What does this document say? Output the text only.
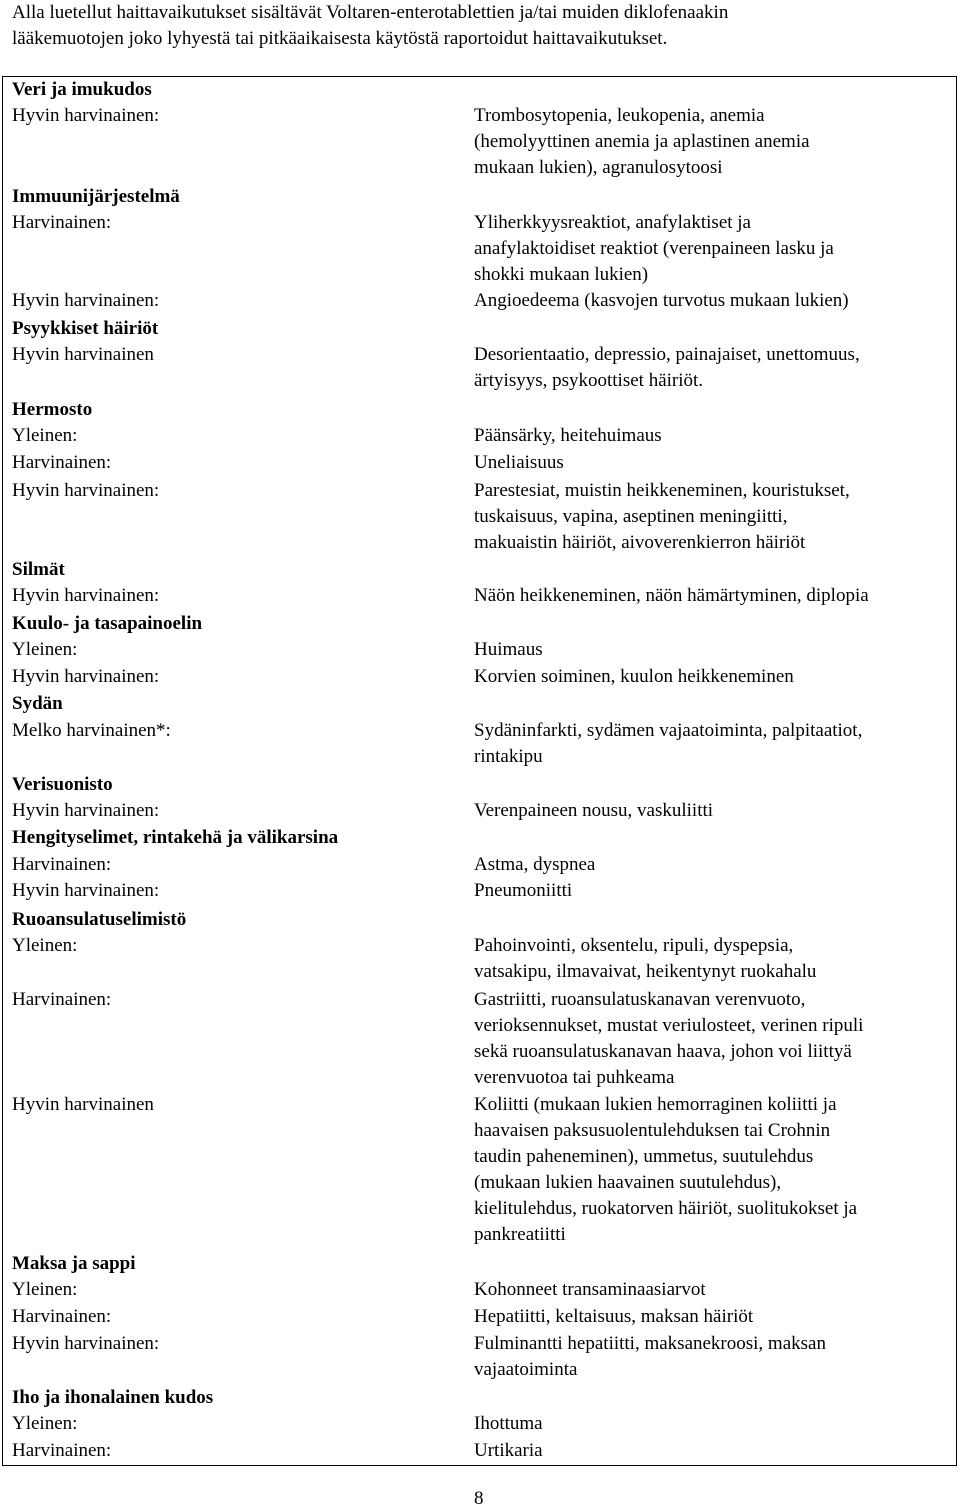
Alla luetellut haittavaikutukset sisältävät Voltaren-enterotablettien ja/tai muiden diklofenaakin
lääkemuotojen joko lyhyestä tai pitkäaikaisesta käytöstä raportoidut haittavaikutukset.
Veri ja imukudos
Hyvin harvinainen:	Trombosytopenia, leukopenia, anemia
(hemolyyttinen anemia ja aplastinen anemia
mukaan lukien), agranulosytoosi
Immuunijärjestelmä
Harvinainen:	Yliherkkyysreaktiot, anafylaktiset ja
anafylaktoidiset reaktiot (verenpaineen lasku ja
shokki mukaan lukien)
Hyvin harvinainen:	Angioedeema (kasvojen turvotus mukaan lukien)
Psyykkiset häiriöt
Hyvin harvinainen	Desorientaatio, depressio, painajaiset, unettomuus,
ärtyisyys, psykoottiset häiriöt.
Hermosto
Yleinen:	Päänsärky, heitehuimaus
Harvinainen:	Uneliaisuus
Hyvin harvinainen:	Parestesiat, muistin heikkeneminen, kouristukset,
tuskaisuus, vapina, aseptinen meningiitti,
makuaistin häiriöt, aivoverenkierron häiriöt
Silmät
Hyvin harvinainen:	Näön heikkeneminen, näön hämärtyminen, diplopia
Kuulo- ja tasapainoelin
Yleinen:	Huimaus
Hyvin harvinainen:	Korvien soiminen, kuulon heikkeneminen
Sydän
Melko harvinainen*:	Sydäninfarkti, sydämen vajaatoiminta, palpitaatiot,
rintakipu
Verisuonisto
Hyvin harvinainen:	Verenpaineen nousu, vaskuliitti
Hengityselimet, rintakehä ja välikarsina
Harvinainen:	Astma, dyspnea
Hyvin harvinainen:	Pneumoniitti
Ruoansulatuselimistö
Yleinen:	Pahoinvointi, oksentelu, ripuli, dyspepsia,
vatsakipu, ilmavaivat, heikentynyt ruokahalu
Harvinainen:	Gastriitti, ruoansulatuskanavan verenvuoto,
verioksennukset, mustat veriulosteet, verinen ripuli
sekä ruoansulatuskanavan haava, johon voi liittyä
verenvuotoa tai puhkeama
Hyvin harvinainen	Koliitti (mukaan lukien hemorraginen koliitti ja
haavaisen paksusuolentulehduksen tai Crohnin
taudin paheneminen), ummetus, suutulehdus
(mukaan lukien haavainen suutulehdus),
kielitulehdus, ruokatorven häiriöt, suolitukokset ja
pankreatiitti
Maksa ja sappi
Yleinen:	Kohonneet transaminaasiarvot
Harvinainen:	Hepatiitti, keltaisuus, maksan häiriöt
Hyvin harvinainen:	Fulminantti hepatiitti, maksanekroosi, maksan
vajaatoiminta
Iho ja ihonalainen kudos
Yleinen:	Ihottuma
Harvinainen:	Urtikaria
8
